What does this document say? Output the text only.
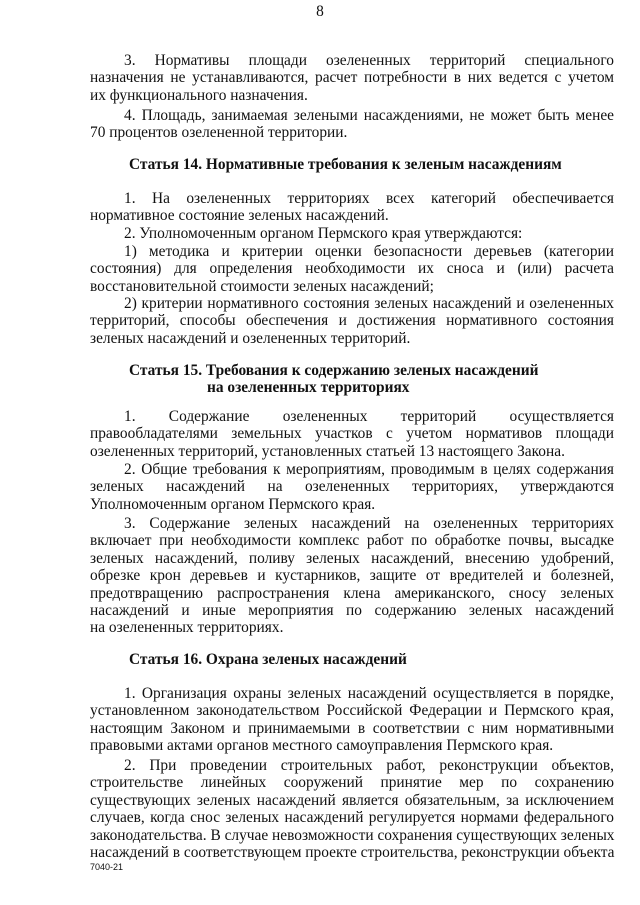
8
3. Нормативы площади озелененных территорий специального
назначения не устанавливаются, расчет потребности в них ведется с учетом
их функционального назначения.
4. Площадь, занимаемая зелеными насаждениями, не может быть менее
70 процентов озелененной территории.
Статья 14. Нормативные требования к зеленым насаждениям
1. На озелененных территориях всех категорий обеспечивается
нормативное состояние зеленых насаждений.
2. Уполномоченным органом Пермского края утверждаются:
1) методика и критерии оценки безопасности деревьев (категории
состояния) для определения необходимости их сноса и (или) расчета
восстановительной стоимости зеленых насаждений;
2) критерии нормативного состояния зеленых насаждений и озелененных
территорий, способы обеспечения и достижения нормативного состояния
зеленых насаждений и озелененных территорий.
Статья 15. Требования к содержанию зеленых насаждений
на озелененных территориях
1. Содержание озелененных территорий осуществляется
правообладателями земельных участков с учетом нормативов площади
озелененных территорий, установленных статьей 13 настоящего Закона.
2. Общие требования к мероприятиям, проводимым в целях содержания
зеленых насаждений на озелененных территориях, утверждаются
Уполномоченным органом Пермского края.
3. Содержание зеленых насаждений на озелененных территориях
включает при необходимости комплекс работ по обработке почвы, высадке
зеленых насаждений, поливу зеленых насаждений, внесению удобрений,
обрезке крон деревьев и кустарников, защите от вредителей и болезней,
предотвращению распространения клена американского, сносу зеленых
насаждений и иные мероприятия по содержанию зеленых насаждений
на озелененных территориях.
Статья 16. Охрана зеленых насаждений
1. Организация охраны зеленых насаждений осуществляется в порядке,
установленном законодательством Российской Федерации и Пермского края,
настоящим Законом и принимаемыми в соответствии с ним нормативными
правовыми актами органов местного самоуправления Пермского края.
2. При проведении строительных работ, реконструкции объектов,
строительстве линейных сооружений принятие мер по сохранению
существующих зеленых насаждений является обязательным, за исключением
случаев, когда снос зеленых насаждений регулируется нормами федерального
законодательства. В случае невозможности сохранения существующих зеленых
насаждений в соответствующем проекте строительства, реконструкции объекта
7040-21
